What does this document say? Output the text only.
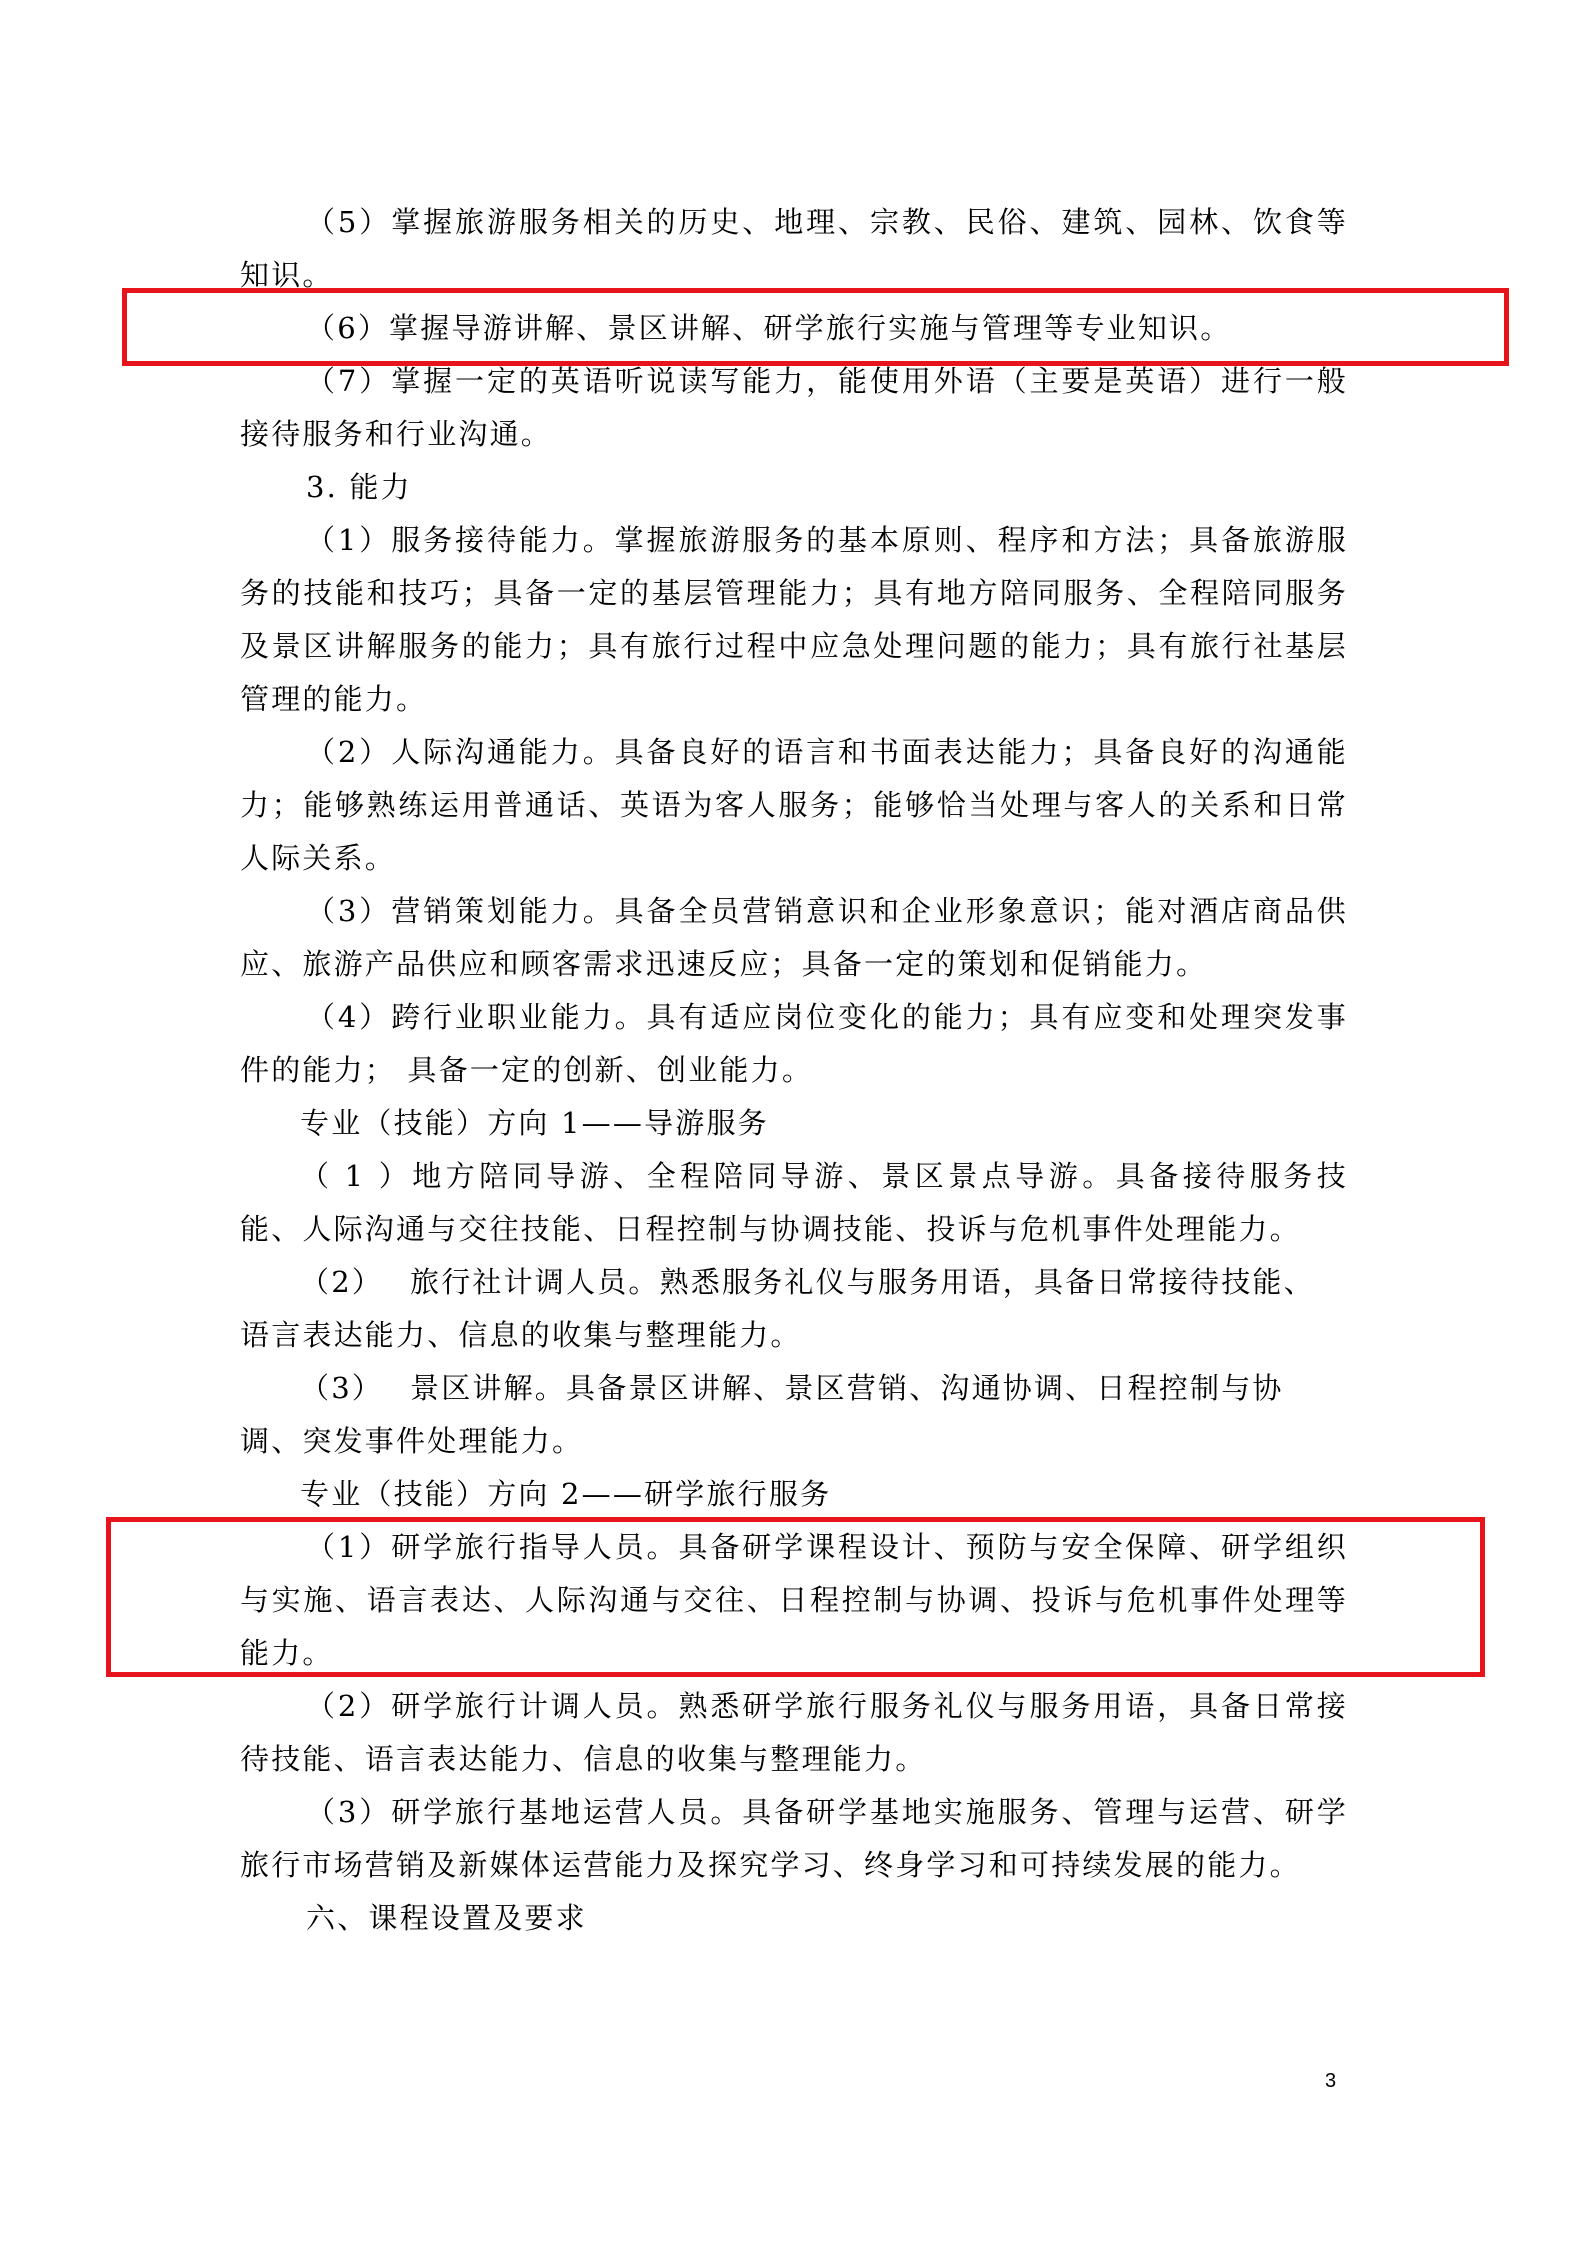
（5）掌握旅游服务相关的历史、地理、宗教、民俗、建筑、园林、饮食等
知识。
（6）掌握导游讲解、景区讲解、研学旅行实施与管理等专业知识。
（7）掌握一定的英语听说读写能力，能使用外语（主要是英语）进行一般
接待服务和行业沟通。
3. 能力
（1）服务接待能力。掌握旅游服务的基本原则、程序和方法；具备旅游服
务的技能和技巧；具备一定的基层管理能力；具有地方陪同服务、全程陪同服务
及景区讲解服务的能力；具有旅行过程中应急处理问题的能力；具有旅行社基层
管理的能力。
（2）人际沟通能力。具备良好的语言和书面表达能力；具备良好的沟通能
力；能够熟练运用普通话、英语为客人服务；能够恰当处理与客人的关系和日常
人际关系。
（3）营销策划能力。具备全员营销意识和企业形象意识；能对酒店商品供
应、旅游产品供应和顾客需求迅速反应；具备一定的策划和促销能力。
（4）跨行业职业能力。具有适应岗位变化的能力；具有应变和处理突发事
件的能力； 具备一定的创新、创业能力。
专业（技能）方向 1——导游服务
（1）地方陪同导游、全程陪同导游、景区景点导游。具备接待服务技
能、人际沟通与交往技能、日程控制与协调技能、投诉与危机事件处理能力。
（2） 旅行社计调人员。熟悉服务礼仪与服务用语，具备日常接待技能、
语言表达能力、信息的收集与整理能力。
（3） 景区讲解。具备景区讲解、景区营销、沟通协调、日程控制与协
调、突发事件处理能力。
专业（技能）方向 2——研学旅行服务
（1）研学旅行指导人员。具备研学课程设计、预防与安全保障、研学组织
与实施、语言表达、人际沟通与交往、日程控制与协调、投诉与危机事件处理等
能力。
（2）研学旅行计调人员。熟悉研学旅行服务礼仪与服务用语，具备日常接
待技能、语言表达能力、信息的收集与整理能力。
（3）研学旅行基地运营人员。具备研学基地实施服务、管理与运营、研学
旅行市场营销及新媒体运营能力及探究学习、终身学习和可持续发展的能力。
六、课程设置及要求
3
